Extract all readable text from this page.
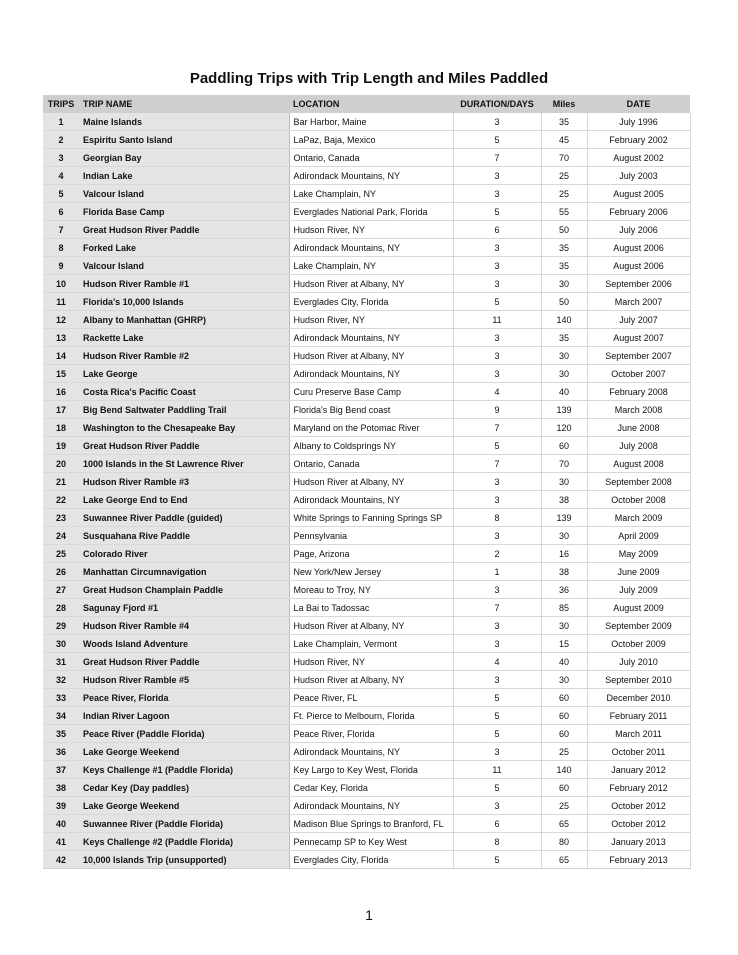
Paddling Trips with Trip Length and Miles Paddled
TRIPS	TRIP NAME	LOCATION	DURATION/DAYS	Miles	DATE
1	Maine Islands	Bar Harbor, Maine	3	35	July 1996
2	Espiritu Santo Island	LaPaz, Baja, Mexico	5	45	February 2002
3	Georgian Bay	Ontario, Canada	7	70	August 2002
4	Indian Lake	Adirondack Mountains, NY	3	25	July 2003
5	Valcour Island	Lake Champlain, NY	3	25	August 2005
6	Florida Base Camp	Everglades National Park, Florida	5	55	February 2006
7	Great Hudson River Paddle	Hudson River, NY	6	50	July 2006
8	Forked Lake	Adirondack Mountains, NY	3	35	August 2006
9	Valcour Island	Lake Champlain, NY	3	35	August 2006
10	Hudson River Ramble #1	Hudson River at Albany, NY	3	30	September 2006
11	Florida's 10,000 Islands	Everglades City, Florida	5	50	March 2007
12	Albany to Manhattan (GHRP)	Hudson River, NY	11	140	July 2007
13	Rackette Lake	Adirondack Mountains, NY	3	35	August 2007
14	Hudson River Ramble #2	Hudson River at Albany, NY	3	30	September 2007
15	Lake George	Adirondack Mountains, NY	3	30	October 2007
16	Costa Rica's Pacific Coast	Curu Preserve Base Camp	4	40	February 2008
17	Big Bend Saltwater Paddling Trail	Florida's Big Bend coast	9	139	March 2008
18	Washington to the Chesapeake Bay	Maryland on the Potomac River	7	120	June 2008
19	Great Hudson River Paddle	Albany to Coldsprings NY	5	60	July 2008
20	1000 Islands in the St Lawrence River	Ontario, Canada	7	70	August 2008
21	Hudson River Ramble #3	Hudson River at Albany, NY	3	30	September 2008
22	Lake George End to End	Adirondack Mountains, NY	3	38	October 2008
23	Suwannee River Paddle (guided)	White Springs to Fanning Springs SP	8	139	March 2009
24	Susquahana Rive Paddle	Pennsylvania	3	30	April 2009
25	Colorado River	Page, Arizona	2	16	May 2009
26	Manhattan Circumnavigation	New York/New Jersey	1	38	June 2009
27	Great Hudson Champlain Paddle	Moreau to Troy, NY	3	36	July 2009
28	Sagunay Fjord #1	La Bai to Tadossac	7	85	August 2009
29	Hudson River Ramble #4	Hudson River at Albany, NY	3	30	September 2009
30	Woods Island Adventure	Lake Champlain, Vermont	3	15	October 2009
31	Great Hudson River Paddle	Hudson River, NY	4	40	July 2010
32	Hudson River Ramble #5	Hudson River at Albany, NY	3	30	September 2010
33	Peace River, Florida	Peace River, FL	5	60	December 2010
34	Indian River Lagoon	Ft. Pierce to Melbourn, Florida	5	60	February 2011
35	Peace River (Paddle Florida)	Peace River, Florida	5	60	March 2011
36	Lake George Weekend	Adirondack Mountains, NY	3	25	October 2011
37	Keys Challenge #1 (Paddle Florida)	Key Largo to Key West, Florida	11	140	January 2012
38	Cedar Key (Day paddles)	Cedar Key, Florida	5	60	February 2012
39	Lake George Weekend	Adirondack Mountains, NY	3	25	October 2012
40	Suwannee River (Paddle Florida)	Madison Blue Springs to Branford, FL	6	65	October 2012
41	Keys Challenge #2 (Paddle Florida)	Pennecamp SP to Key West	8	80	January 2013
42	10,000 Islands Trip (unsupported)	Everglades City, Florida	5	65	February 2013
1
